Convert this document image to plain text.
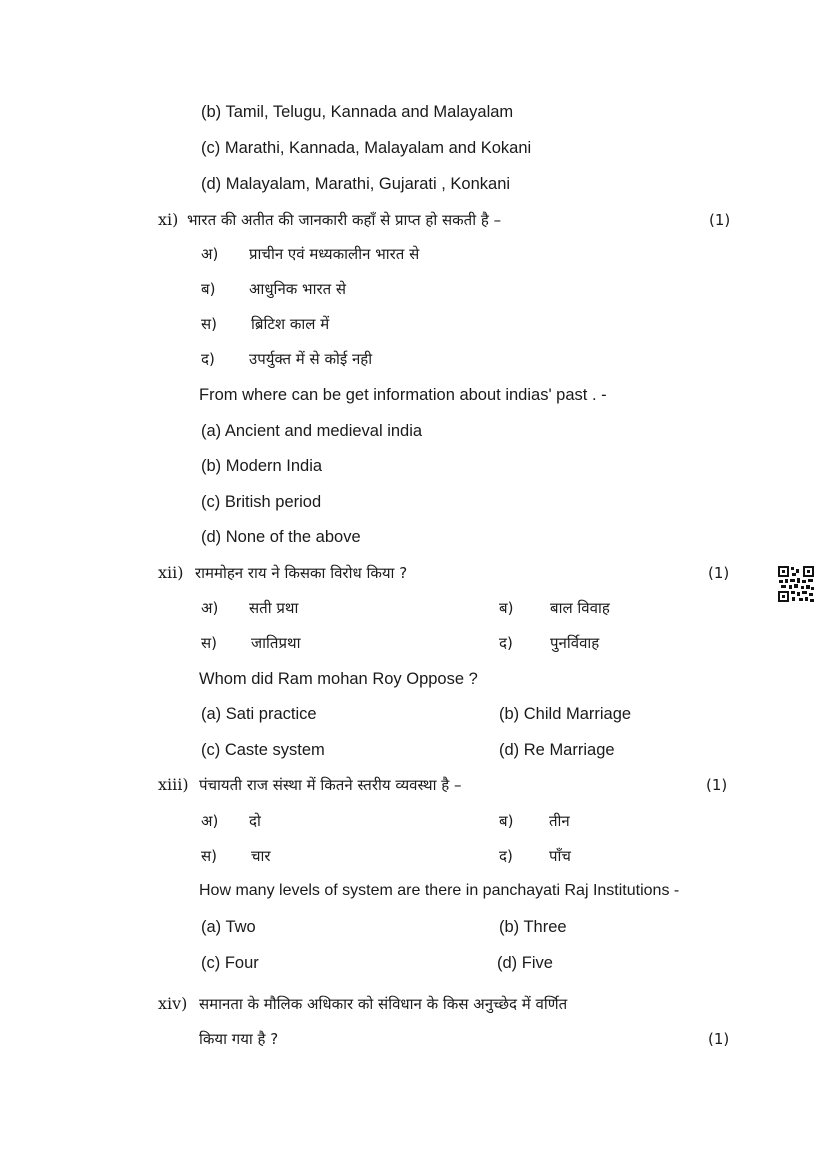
(b) Tamil, Telugu, Kannada and Malayalam
(c) Marathi, Kannada, Malayalam and Kokani
(d) Malayalam, Marathi, Gujarati , Konkani
xi) भारत की अतीत की जानकारी कहाँ से प्राप्त हो सकती है –	(1)
अ) प्राचीन एवं मध्यकालीन भारत से
ब) आधुनिक भारत से
स) ब्रिटिश काल में
द) उपर्युक्त में से कोई नही
From where can be get information about indias' past . -
(a) Ancient and medieval india
(b) Modern India
(c) British period
(d) None of the above
xii) राममोहन राय ने किसका विरोध किया ?	(1)
अ) सती प्रथा	ब) बाल विवाह
स) जातिप्रथा	द) पुनर्विवाह
Whom did Ram mohan Roy Oppose ?
(a) Sati practice	(b) Child Marriage
(c) Caste system	(d) Re Marriage
xiii) पंचायती राज संस्था में कितने स्तरीय व्यवस्था है –	(1)
अ) दो	ब) तीन
स) चार	द) पाँच
How many levels of system are there in panchayati Raj Institutions -
(a) Two	(b) Three
(c) Four	(d) Five
xiv) समानता के मौलिक अधिकार को संविधान के किस अनुच्छेद में वर्णित
किया गया है ?	(1)
